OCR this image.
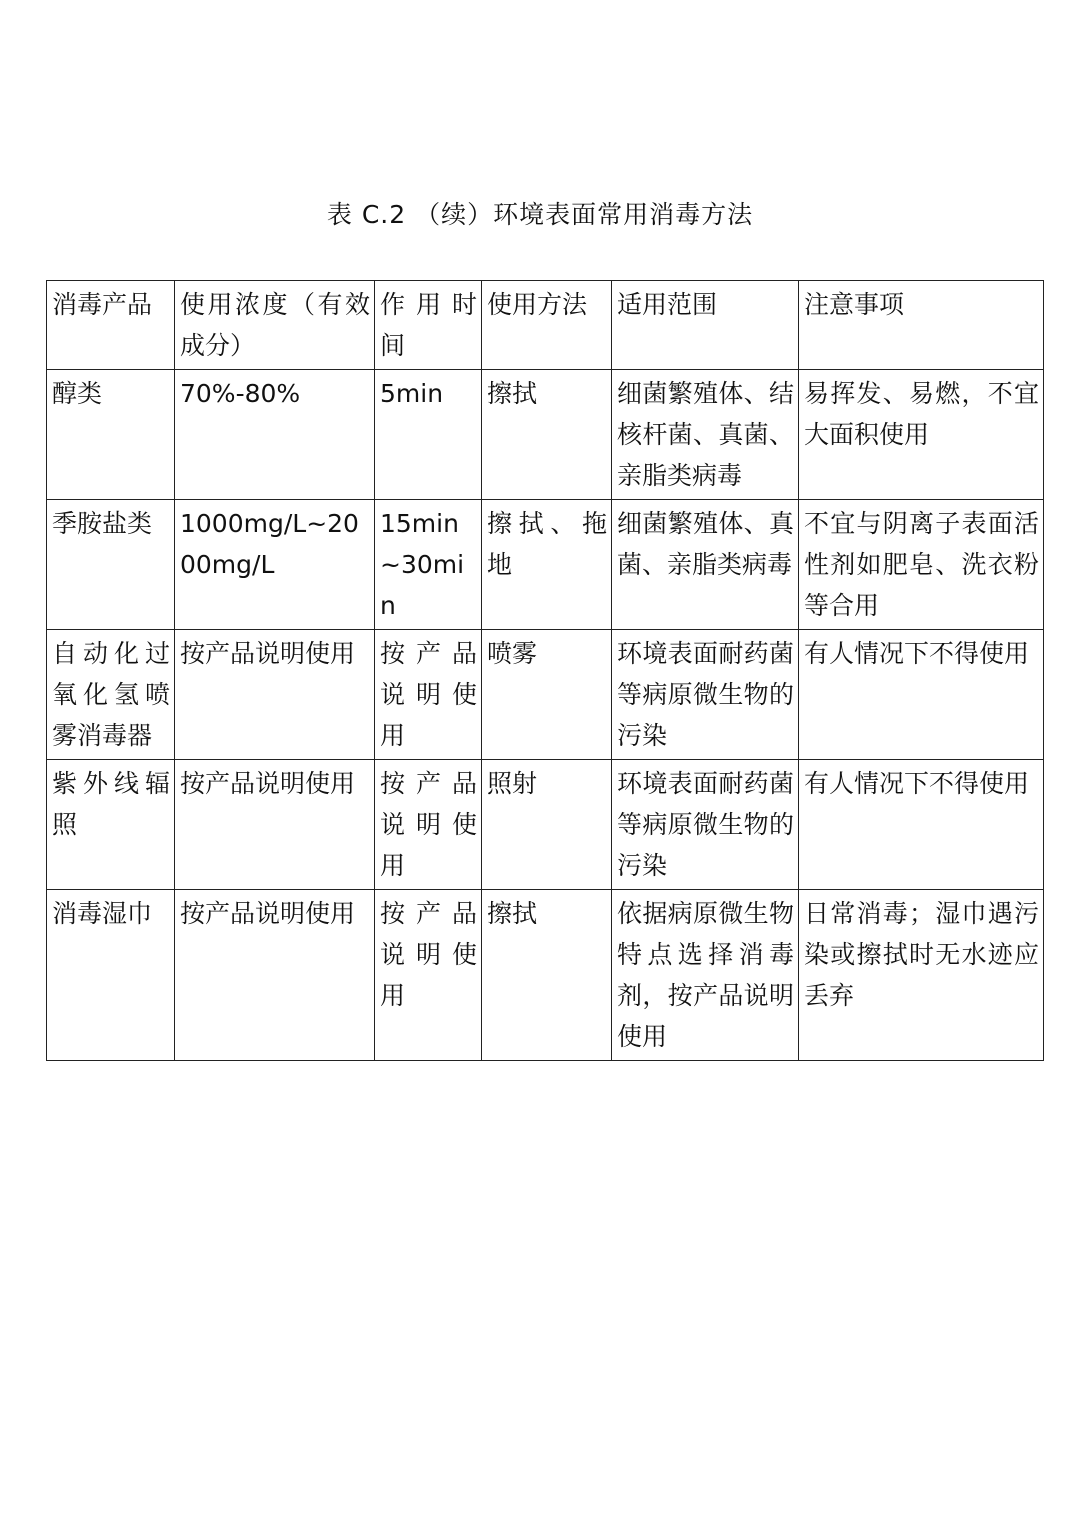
表 C.2 （续）环境表面常用消毒方法
消毒产品	使用浓度（有效成分）	作 用 时间	使用方法	适用范围	注意事项
醇类	70%-80%	5min	擦拭	细菌繁殖体、结核杆菌、真菌、亲脂类病毒	易挥发、易燃，不宜大面积使用
季胺盐类	1000mg/L~2000mg/L	15min~30min	擦拭、拖地	细菌繁殖体、真菌、亲脂类病毒	不宜与阴离子表面活性剂如肥皂、洗衣粉等合用
自动化过氧化氢喷雾消毒器	按产品说明使用	按产品说明使用	喷雾	环境表面耐药菌等病原微生物的污染	有人情况下不得使用
紫外线辐照	按产品说明使用	按产品说明使用	照射	环境表面耐药菌等病原微生物的污染	有人情况下不得使用
消毒湿巾	按产品说明使用	按产品说明使用	擦拭	依据病原微生物特点选择消毒剂，按产品说明使用	日常消毒；湿巾遇污染或擦拭时无水迹应丢弃
